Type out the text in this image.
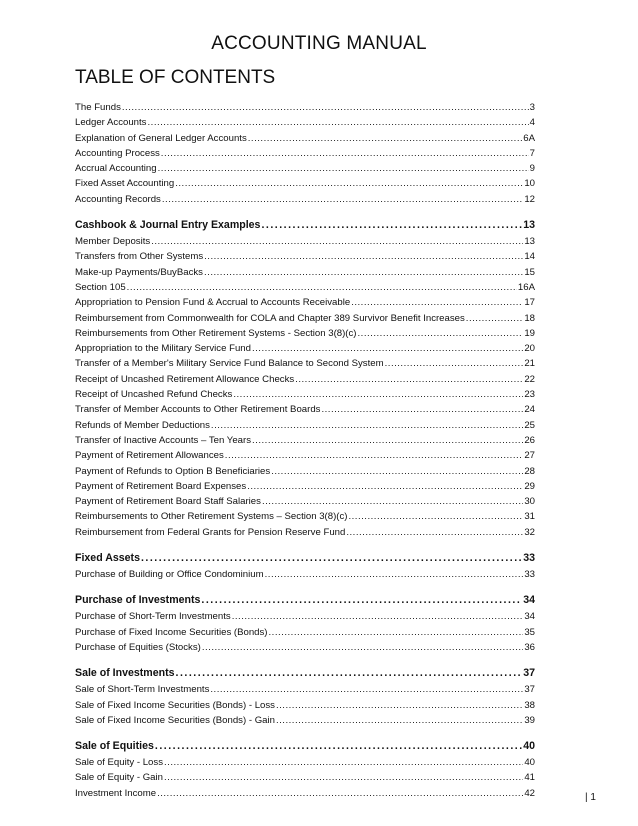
ACCOUNTING MANUAL
TABLE OF CONTENTS
The Funds .....	3
Ledger Accounts .....	4
Explanation of General Ledger Accounts .....	6A
Accounting Process .....	7
Accrual Accounting .....	9
Fixed Asset Accounting .....	10
Accounting Records .....	12
Cashbook & Journal Entry Examples .....	13
Member Deposits .....	13
Transfers from Other Systems .....	14
Make-up Payments/BuyBacks .....	15
Section 105 .....	16A
Appropriation to Pension Fund & Accrual to Accounts Receivable .....	17
Reimbursement from Commonwealth for COLA and Chapter 389 Survivor Benefit Increases .....	18
Reimbursements from Other Retirement Systems - Section 3(8)(c) .....	19
Appropriation to the Military Service Fund .....	20
Transfer of a Member's Military Service Fund Balance to Second System .....	21
Receipt of Uncashed Retirement Allowance Checks .....	22
Receipt of Uncashed Refund Checks .....	23
Transfer of Member Accounts to Other Retirement Boards .....	24
Refunds of Member Deductions .....	25
Transfer of Inactive Accounts – Ten Years .....	26
Payment of Retirement Allowances .....	27
Payment of Refunds to Option B Beneficiaries .....	28
Payment of Retirement Board Expenses .....	29
Payment of Retirement Board Staff Salaries .....	30
Reimbursements to Other Retirement Systems – Section 3(8)(c) .....	31
Reimbursement from Federal Grants for Pension Reserve Fund .....	32
Fixed Assets .....	33
Purchase of Building or Office Condominium .....	33
Purchase of Investments .....	34
Purchase of Short-Term Investments .....	34
Purchase of Fixed Income Securities (Bonds) .....	35
Purchase of Equities (Stocks) .....	36
Sale of Investments .....	37
Sale of Short-Term Investments .....	37
Sale of Fixed Income Securities (Bonds) - Loss .....	38
Sale of Fixed Income Securities (Bonds) - Gain .....	39
Sale of Equities .....	40
Sale of Equity - Loss .....	40
Sale of Equity - Gain .....	41
Investment Income .....	42	| 1
